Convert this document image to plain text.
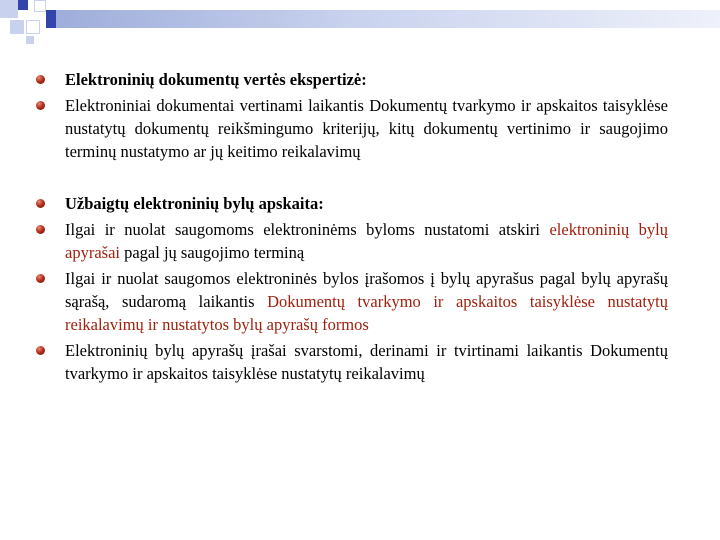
Elektroninių dokumentų vertės ekspertizė:

Elektroniniai dokumentai vertinami laikantis Dokumentų tvarkymo ir apskaitos taisyklėse nustatytų dokumentų reikšmingumo kriterijų, kitų dokumentų vertinimo ir saugojimo terminų nustatymo ar jų keitimo reikalavimų

Užbaigtų elektroninių bylų apskaita:

Ilgai ir nuolat saugomoms elektroninėms byloms nustatomi atskiri elektroninių bylų apyrašai pagal jų saugojimo terminą

Ilgai ir nuolat saugomos elektroninės bylos įrašomos į bylų apyrašus pagal bylų apyrašų sąrašą, sudaromą laikantis Dokumentų tvarkymo ir apskaitos taisyklėse nustatytų reikalavimų ir nustatytos bylų apyrašų formos

Elektroninių bylų apyrašų įrašai svarstomi, derinami ir tvirtinami laikantis Dokumentų tvarkymo ir apskaitos taisyklėse nustatytų reikalavimų
